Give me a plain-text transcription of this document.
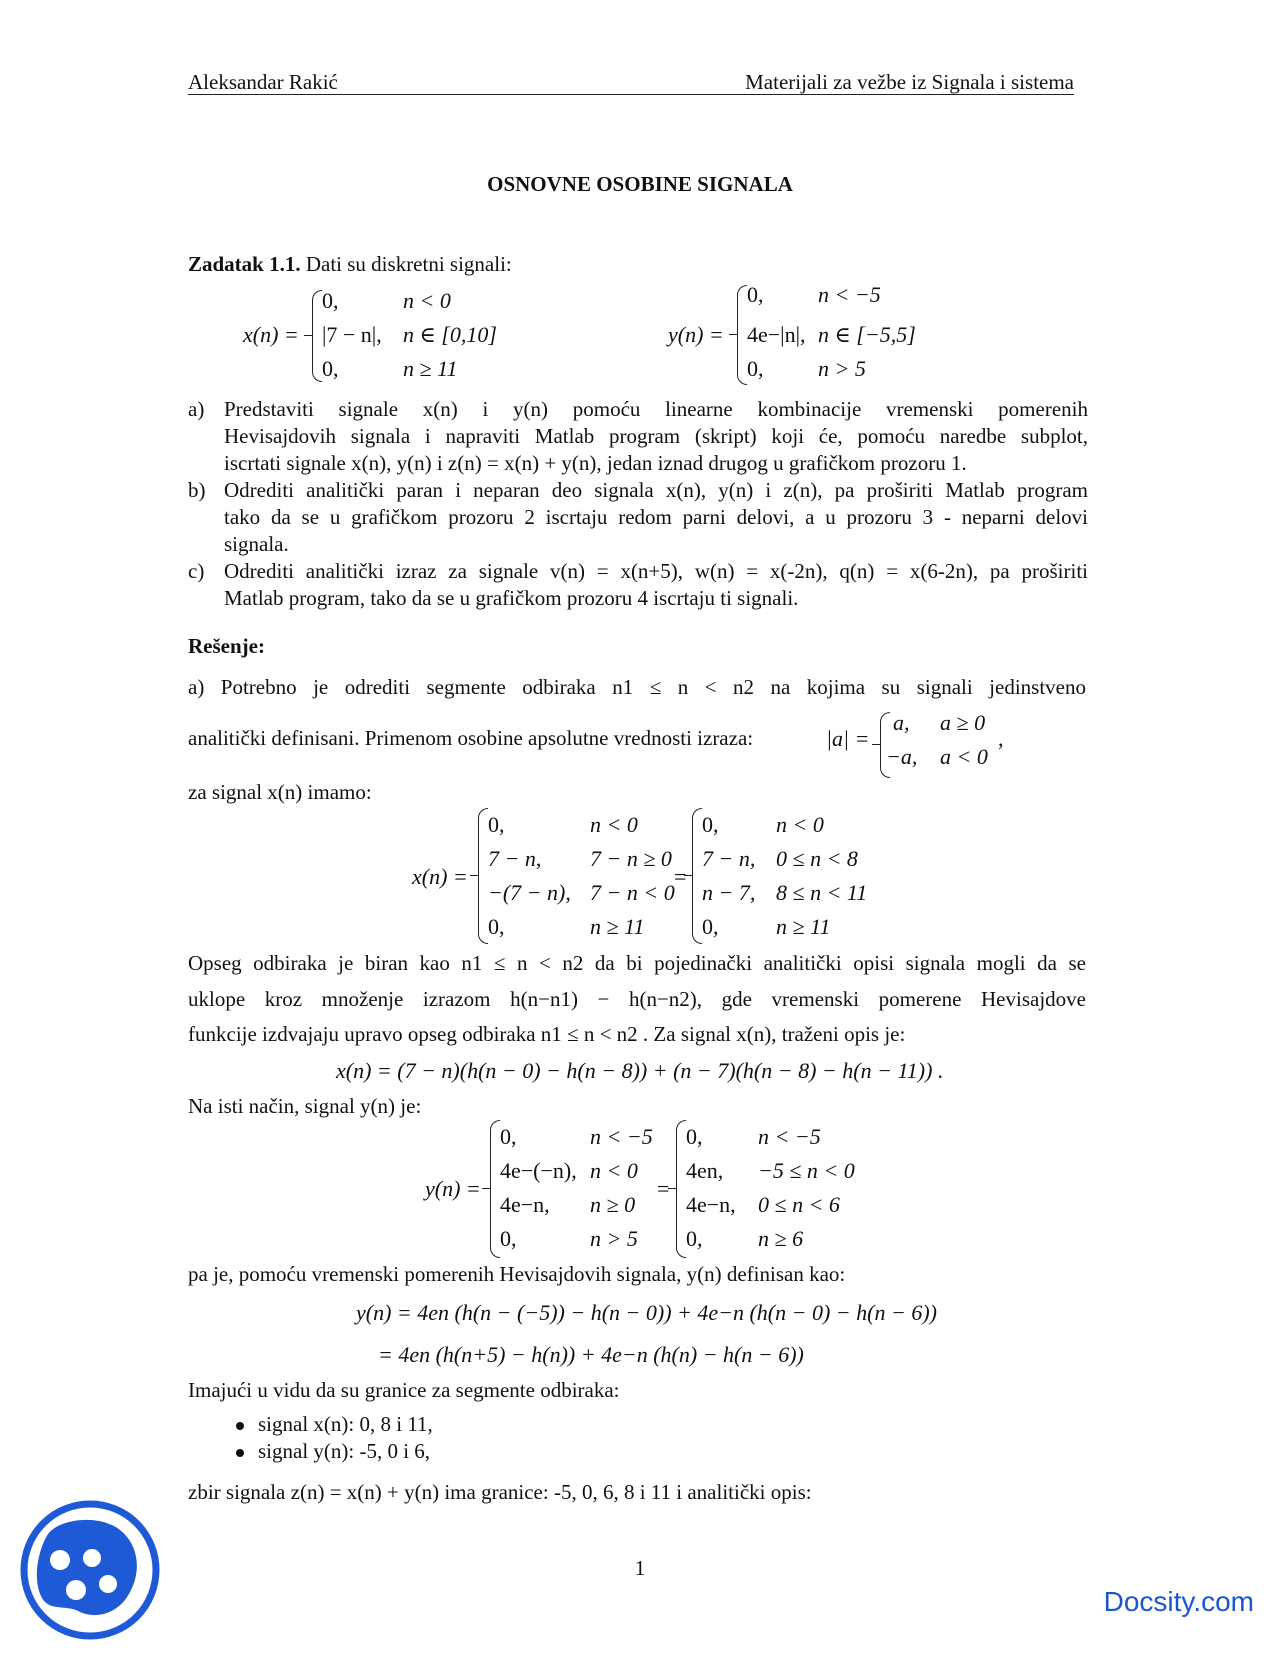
Aleksandar Rakić	Materijali za vežbe iz Signala i sistema
OSNOVNE OSOBINE SIGNALA
Zadatak 1.1. Dati su diskretni signali:
x(n) =
0,	n < 0
|7 − n|, n ∈ [0,10]
0,	n ≥ 11
y(n) =
0, n < −5
4e−|n|, n ∈ [−5,5]
0, n > 5
a) Predstaviti signale x(n) i y(n) pomoću linearne kombinacije vremenski pomerenih
Hevisajdovih signala i napraviti Matlab program (skript) koji će, pomoću naredbe subplot,
iscrtati signale x(n), y(n) i z(n) = x(n) + y(n), jedan iznad drugog u grafičkom prozoru 1.
b) Odrediti analitički paran i neparan deo signala x(n), y(n) i z(n), pa proširiti Matlab program
tako da se u grafičkom prozoru 2 iscrtaju redom parni delovi, a u prozoru 3 - neparni delovi
signala.
c) Odrediti analitički izraz za signale v(n) = x(n+5), w(n) = x(-2n), q(n) = x(6-2n), pa proširiti
Matlab program, tako da se u grafičkom prozoru 4 iscrtaju ti signali.
Rešenje:
a) Potrebno je odrediti segmente odbiraka n1 ≤ n < n2 na kojima su signali jedinstveno
analitički definisani. Primenom osobine apsolutne vrednosti izraza:	|a| =
a, a ≥ 0
−a, a < 0
,
za signal x(n) imamo:
x(n) =
0,	n < 0
7 − n, 7 − n ≥ 0
−(7 − n), 7 − n < 0
0,	n ≥ 11
=
0,	n < 0
7 − n, 0 ≤ n < 8
n − 7, 8 ≤ n < 11
0,	n ≥ 11
Opseg odbiraka je biran kao n1 ≤ n < n2 da bi pojedinački analitički opisi signala mogli da se
uklope kroz množenje izrazom h(n−n1) − h(n−n2), gde vremenski pomerene Hevisajdove
funkcije izdvajaju upravo opseg odbiraka n1 ≤ n < n2 . Za signal x(n), traženi opis je:
x(n) = (7 − n)(h(n − 0) − h(n − 8)) + (n − 7)(h(n − 8) − h(n − 11)) .
Na isti način, signal y(n) je:
y(n) =
0,	n < −5
4e−(−n), n < 0
4e−n, n ≥ 0
0,	n > 5
=
0,	n < −5
4en, −5 ≤ n < 0
4e−n, 0 ≤ n < 6
0,	n ≥ 6
pa je, pomoću vremenski pomerenih Hevisajdovih signala, y(n) definisan kao:
y(n) = 4en (h(n − (−5)) − h(n − 0)) + 4e−n (h(n − 0) − h(n − 6))
= 4en (h(n+5) − h(n)) + 4e−n (h(n) − h(n − 6))
Imajući u vidu da su granice za segmente odbiraka:
signal x(n): 0, 8 i 11,
signal y(n): -5, 0 i 6,
zbir signala z(n) = x(n) + y(n) ima granice: -5, 0, 6, 8 i 11 i analitički opis:
1
Docsity.com
